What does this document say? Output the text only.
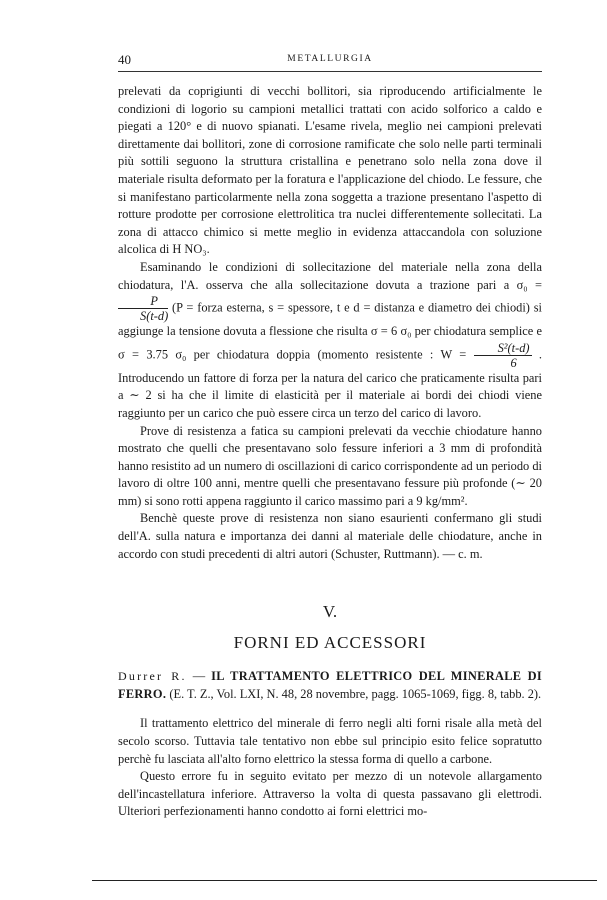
40	METALLURGIA

prelevati da coprigiunti di vecchi bollitori, sia riproducendo artificialmente le condizioni di logorio su campioni metallici trattati con acido solforico a caldo e piegati a 120° e di nuovo spianati. L'esame rivela, meglio nei campioni prelevati direttamente dai bollitori, zone di corrosione ramificate che solo nelle parti terminali più sottili seguono la struttura cristallina e penetrano solo nella zona dove il materiale risulta deformato per la foratura e l'applicazione del chiodo. Le fessure, che si manifestano particolarmente nella zona soggetta a trazione presentano l'aspetto di rotture prodotte per corrosione elettrolitica tra nuclei differentemente sollecitati. La zona di attacco chimico si mette meglio in evidenza attaccandola con soluzione alcolica di H NO₃.

Esaminando le condizioni di sollecitazione del materiale nella zona della chiodatura, l'A. osserva che alla sollecitazione dovuta a trazione pari a σ₀ =
$\frac{P}{S(t-d)} (P$ = forza esterna, s = spessore, t e d = distanza e diametro dei chiodi) si aggiunge la tensione dovuta a flessione che risulta σ = 6 σ₀ per chiodatura semplice e σ = 3.75 σ₀ per chiodatura doppia (momento resistente : $W = \frac{\text{S²(t-d)}}{6}$ . Introducendo un fattore di forza per la natura del carico che praticamente risulta pari a ∼ 2 si ha che il limite di elasticità per il materiale ai bordi dei chiodi viene raggiunto per un carico che può essere circa un terzo del carico di lavoro.

Prove di resistenza a fatica su campioni prelevati da vecchie chiodature hanno mostrato che quelli che presentavano solo fessure inferiori a 3 mm di profondità hanno resistito ad un numero di oscillazioni di carico corrispondente ad un periodo di lavoro di oltre 100 anni, mentre quelli che presentavano fessure più profonde (∼ 20 mm) si sono rotti appena raggiunto il carico massimo pari a 9 kg/mm².

Benchè queste prove di resistenza non siano esaurienti confermano gli studi dell'A. sulla natura e importanza dei danni al materiale delle chiodature, anche in accordo con studi precedenti di altri autori (Schuster, Ruttmann). — c. m.

V.
FORNI ED ACCESSORI
Durrer R. — IL TRATTAMENTO ELETTRICO DEL MINERALE DI FERRO. (E. T. Z., Vol. LXI, N. 48, 28 novembre, pagg. 1065-1069, figg. 8, tabb. 2).

Il trattamento elettrico del minerale di ferro negli alti forni risale alla metà del secolo scorso. Tuttavia tale tentativo non ebbe sul principio esito felice sopratutto perchè fu lasciata all'alto forno elettrico la stessa forma di quello a carbone.

Questo errore fu in seguito evitato per mezzo di un notevole allargamento dell'incastellatura inferiore. Attraverso la volta di questa passavano gli elettrodi. Ulteriori perfezionamenti hanno condotto ai forni elettrici mo-
